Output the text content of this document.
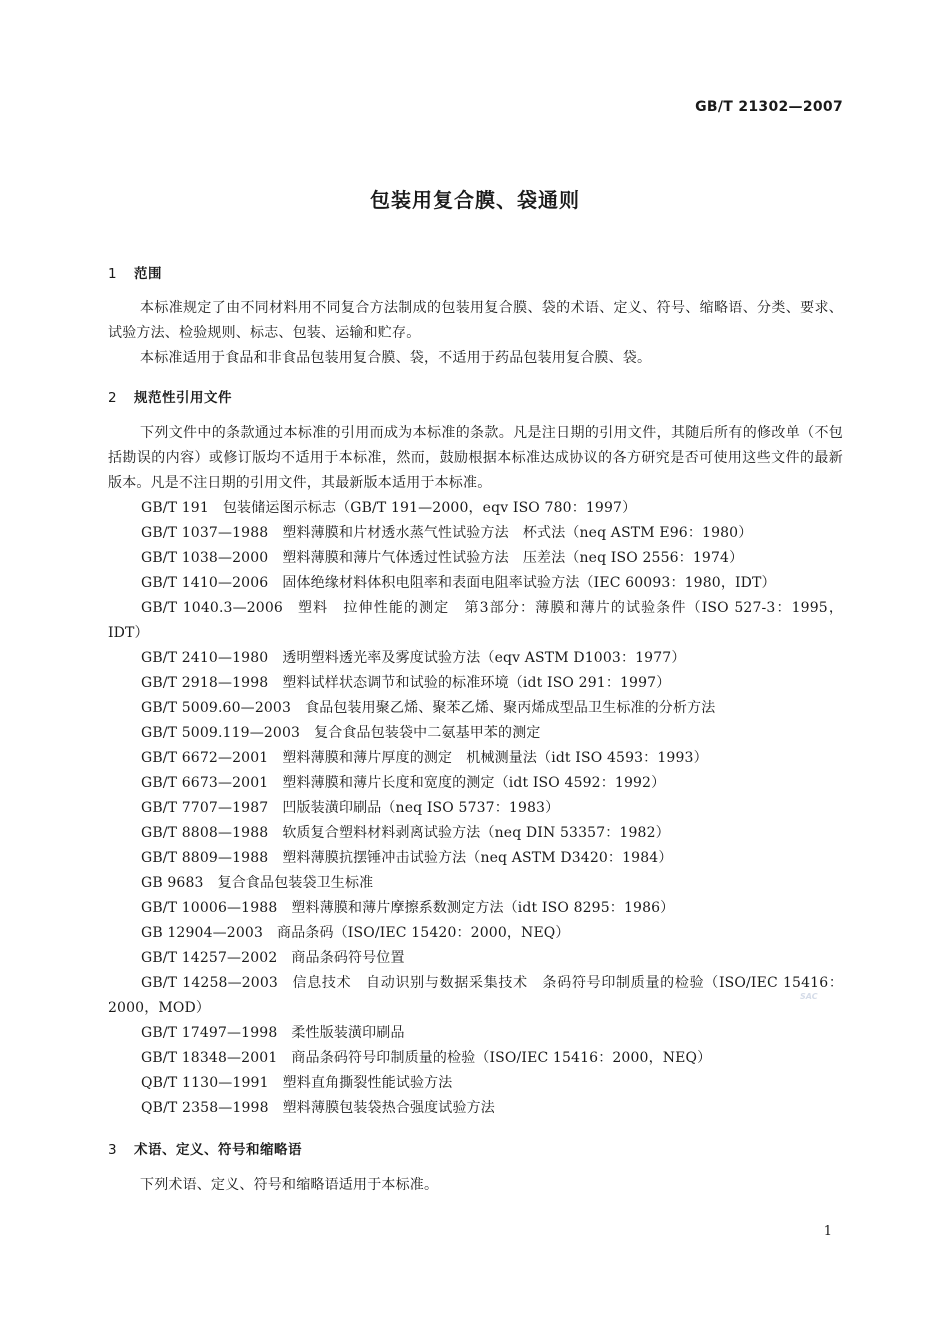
GB/T 21302—2007
包装用复合膜、袋通则
1 范围
本标准规定了由不同材料用不同复合方法制成的包装用复合膜、袋的术语、定义、符号、缩略语、分类、要求、试验方法、检验规则、标志、包装、运输和贮存。
本标准适用于食品和非食品包装用复合膜、袋，不适用于药品包装用复合膜、袋。
2 规范性引用文件
下列文件中的条款通过本标准的引用而成为本标准的条款。凡是注日期的引用文件，其随后所有的修改单（不包括勘误的内容）或修订版均不适用于本标准，然而，鼓励根据本标准达成协议的各方研究是否可使用这些文件的最新版本。凡是不注日期的引用文件，其最新版本适用于本标准。
GB/T 191 包装储运图示标志（GB/T 191—2000，eqv ISO 780：1997）
GB/T 1037—1988 塑料薄膜和片材透水蒸气性试验方法　杯式法（neq ASTM E96：1980）
GB/T 1038—2000 塑料薄膜和薄片气体透过性试验方法　压差法（neq ISO 2556：1974）
GB/T 1410—2006 固体绝缘材料体积电阻率和表面电阻率试验方法（IEC 60093：1980，IDT）
GB/T 1040.3—2006 塑料　拉伸性能的测定　第3部分：薄膜和薄片的试验条件（ISO 527-3：1995，IDT）
GB/T 2410—1980 透明塑料透光率及雾度试验方法（eqv ASTM D1003：1977）
GB/T 2918—1998 塑料试样状态调节和试验的标准环境（idt ISO 291：1997）
GB/T 5009.60—2003 食品包装用聚乙烯、聚苯乙烯、聚丙烯成型品卫生标准的分析方法
GB/T 5009.119—2003 复合食品包装袋中二氨基甲苯的测定
GB/T 6672—2001 塑料薄膜和薄片厚度的测定　机械测量法（idt ISO 4593：1993）
GB/T 6673—2001 塑料薄膜和薄片长度和宽度的测定（idt ISO 4592：1992）
GB/T 7707—1987 凹版装潢印刷品（neq ISO 5737：1983）
GB/T 8808—1988 软质复合塑料材料剥离试验方法（neq DIN 53357：1982）
GB/T 8809—1988 塑料薄膜抗摆锤冲击试验方法（neq ASTM D3420：1984）
GB 9683 复合食品包装袋卫生标准
GB/T 10006—1988 塑料薄膜和薄片摩擦系数测定方法（idt ISO 8295：1986）
GB 12904—2003 商品条码（ISO/IEC 15420：2000，NEQ）
GB/T 14257—2002 商品条码符号位置
GB/T 14258—2003 信息技术　自动识别与数据采集技术　条码符号印制质量的检验（ISO/IEC 15416：2000，MOD）
GB/T 17497—1998 柔性版装潢印刷品
GB/T 18348—2001 商品条码符号印制质量的检验（ISO/IEC 15416：2000，NEQ）
QB/T 1130—1991 塑料直角撕裂性能试验方法
QB/T 2358—1998 塑料薄膜包装袋热合强度试验方法
SAC
3 术语、定义、符号和缩略语
下列术语、定义、符号和缩略语适用于本标准。
1
